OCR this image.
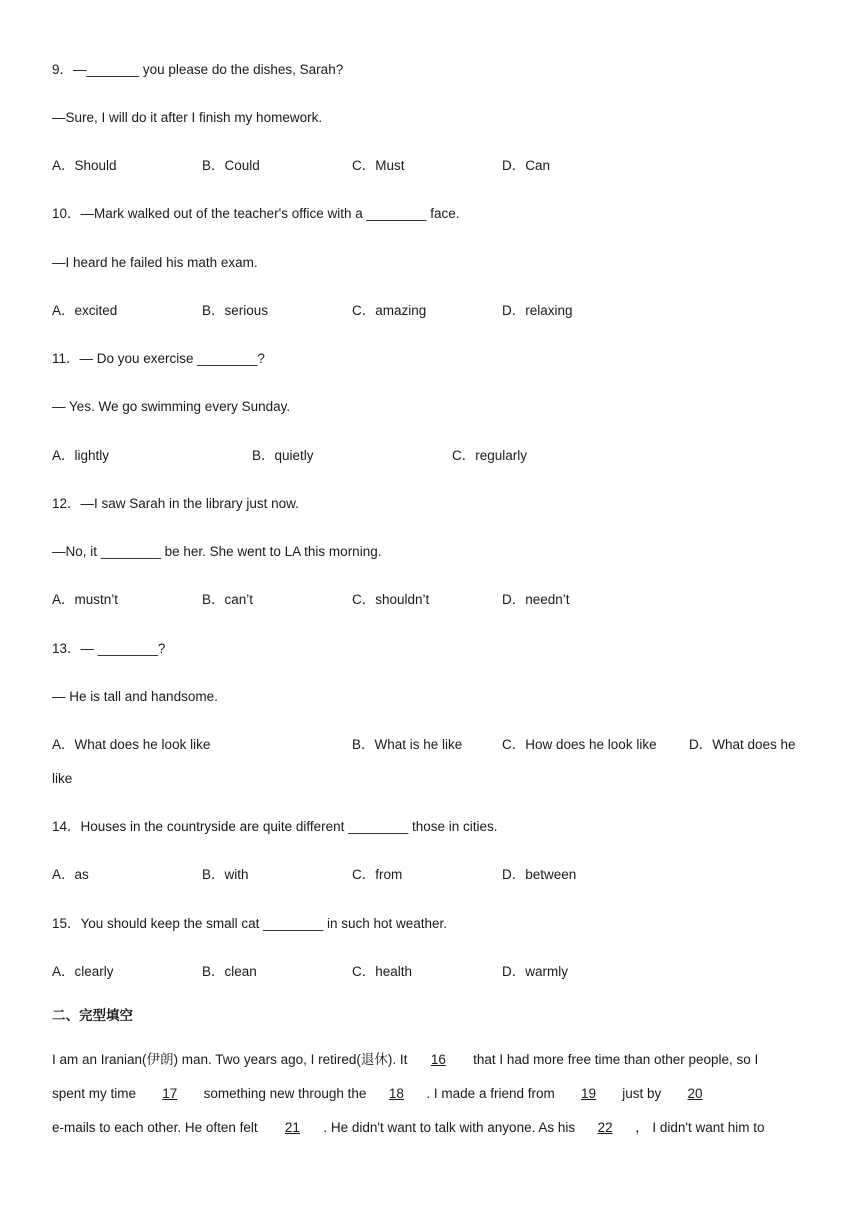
9．—_______ you please do the dishes, Sarah?
—Sure, I will do it after I finish my homework.
A．Should	B．Could	C．Must	D．Can
10．—Mark walked out of the teacher's office with a ________ face.
—I heard he failed his math exam.
A．excited	B．serious	C．amazing	D．relaxing
11．— Do you exercise ________?
— Yes. We go swimming every Sunday.
A．lightly	B．quietly	C．regularly
12．—I saw Sarah in the library just now.
—No, it ________ be her. She went to LA this morning.
A．mustn’t	B．can’t	C．shouldn’t	D．needn’t
13．— ________?
— He is tall and handsome.
A．What does he look like	B．What is he like	C．How does he look like D．What does he
like
14．Houses in the countryside are quite different ________ those in cities.
A．as	B．with	C．from	D．between
15．You should keep the small cat ________ in such hot weather.
A．clearly	B．clean	C．health	D．warmly
二、完型填空
I am an Iranian(伊朗) man. Two years ago, I retired(退休). It 16 that I had more free time than other people, so I
spent my time 17 something new through the 18 . I made a friend from 19 just by 20
e-mails to each other. He often felt 21 . He didn't want to talk with anyone. As his 22 ， I didn't want him to
